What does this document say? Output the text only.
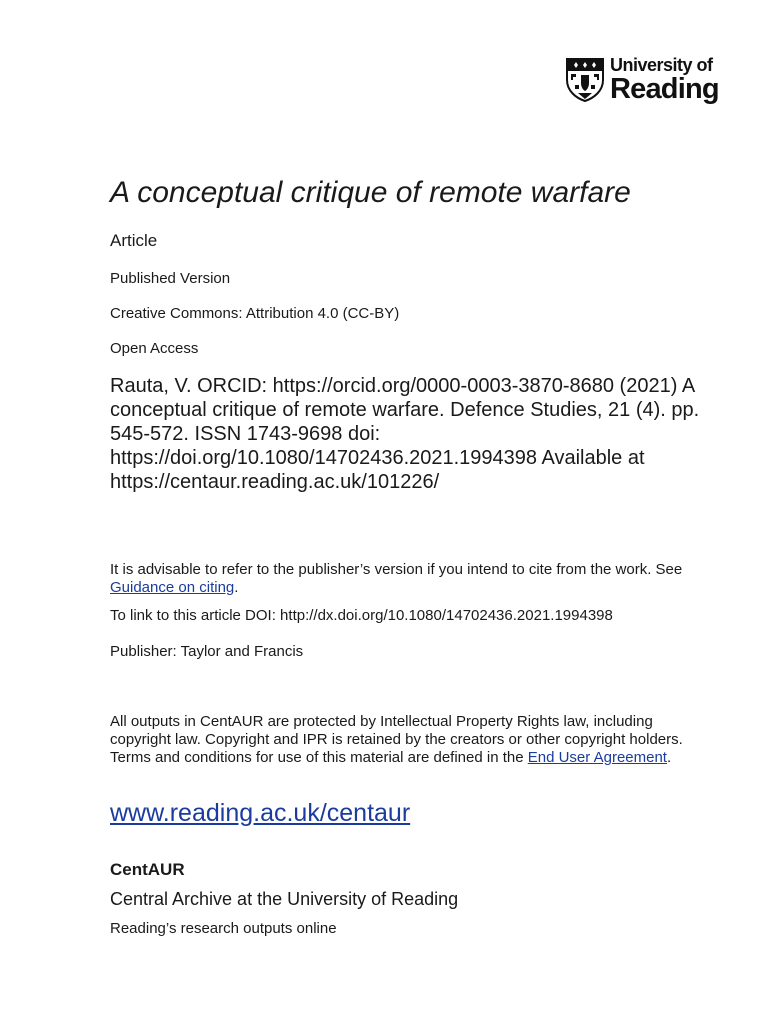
University of
Reading
A conceptual critique of remote warfare

Article

Published Version

Creative Commons: Attribution 4.0 (CC-BY)

Open Access

Rauta, V. ORCID: https://orcid.org/0000-0003-3870-8680 (2021) A conceptual critique of remote warfare. Defence Studies, 21 (4). pp. 545-572. ISSN 1743-9698 doi: https://doi.org/10.1080/14702436.2021.1994398 Available at https://centaur.reading.ac.uk/101226/

It is advisable to refer to the publisher’s version if you intend to cite from the work. See Guidance on citing.

To link to this article DOI: http://dx.doi.org/10.1080/14702436.2021.1994398

Publisher: Taylor and Francis

All outputs in CentAUR are protected by Intellectual Property Rights law, including copyright law. Copyright and IPR is retained by the creators or other copyright holders. Terms and conditions for use of this material are defined in the End User Agreement.

www.reading.ac.uk/centaur

CentAUR

Central Archive at the University of Reading

Reading’s research outputs online
